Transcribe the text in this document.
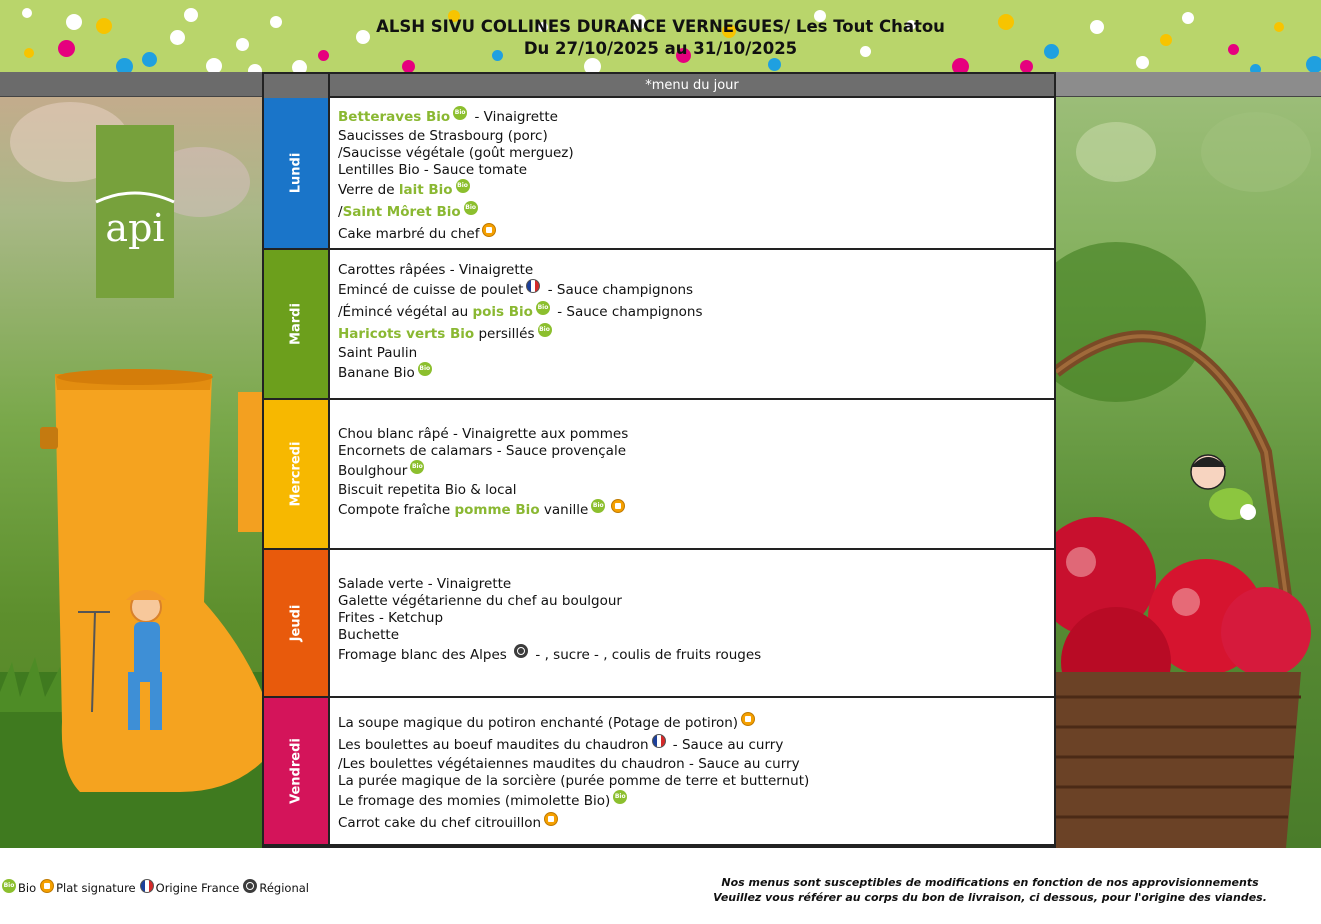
ALSH SIVU COLLINES DURANCE VERNEGUES/ Les Tout Chatou
Du 27/10/2025 au 31/10/2025
api
*menu du jour
Lundi
Betteraves Bio Bio - Vinaigrette
Saucisses de Strasbourg (porc)
/Saucisse végétale (goût merguez)
Lentilles Bio - Sauce tomate
Verre de lait Bio Bio
/ Saint Môret Bio Bio
Cake marbré du chef
Mardi
Carottes râpées - Vinaigrette
Emincé de cuisse de poulet - Sauce champignons
/Émincé végétal au pois Bio Bio - Sauce champignons
Haricots verts Bio persillés Bio
Saint Paulin
Banane Bio Bio
Mercredi
Chou blanc râpé - Vinaigrette aux pommes
Encornets de calamars - Sauce provençale
Boulghour Bio
Biscuit repetita Bio & local
Compote fraîche pomme Bio vanille Bio
Jeudi
Salade verte - Vinaigrette
Galette végétarienne du chef au boulgour
Frites - Ketchup
Buchette
Fromage blanc des Alpes - , sucre - , coulis de fruits rouges
Vendredi
La soupe magique du potiron enchanté (Potage de potiron)
Les boulettes au boeuf maudites du chaudron - Sauce au curry
/Les boulettes végétaiennes maudites du chaudron - Sauce au curry
La purée magique de la sorcière (purée pomme de terre et butternut)
Le fromage des momies (mimolette Bio) Bio
Carrot cake du chef citrouillon
Bio Bio Plat signature Origine France Régional	Nos menus sont susceptibles de modifications en fonction de nos approvisionnements
Veuillez vous référer au corps du bon de livraison, ci dessous, pour l'origine des viandes.
